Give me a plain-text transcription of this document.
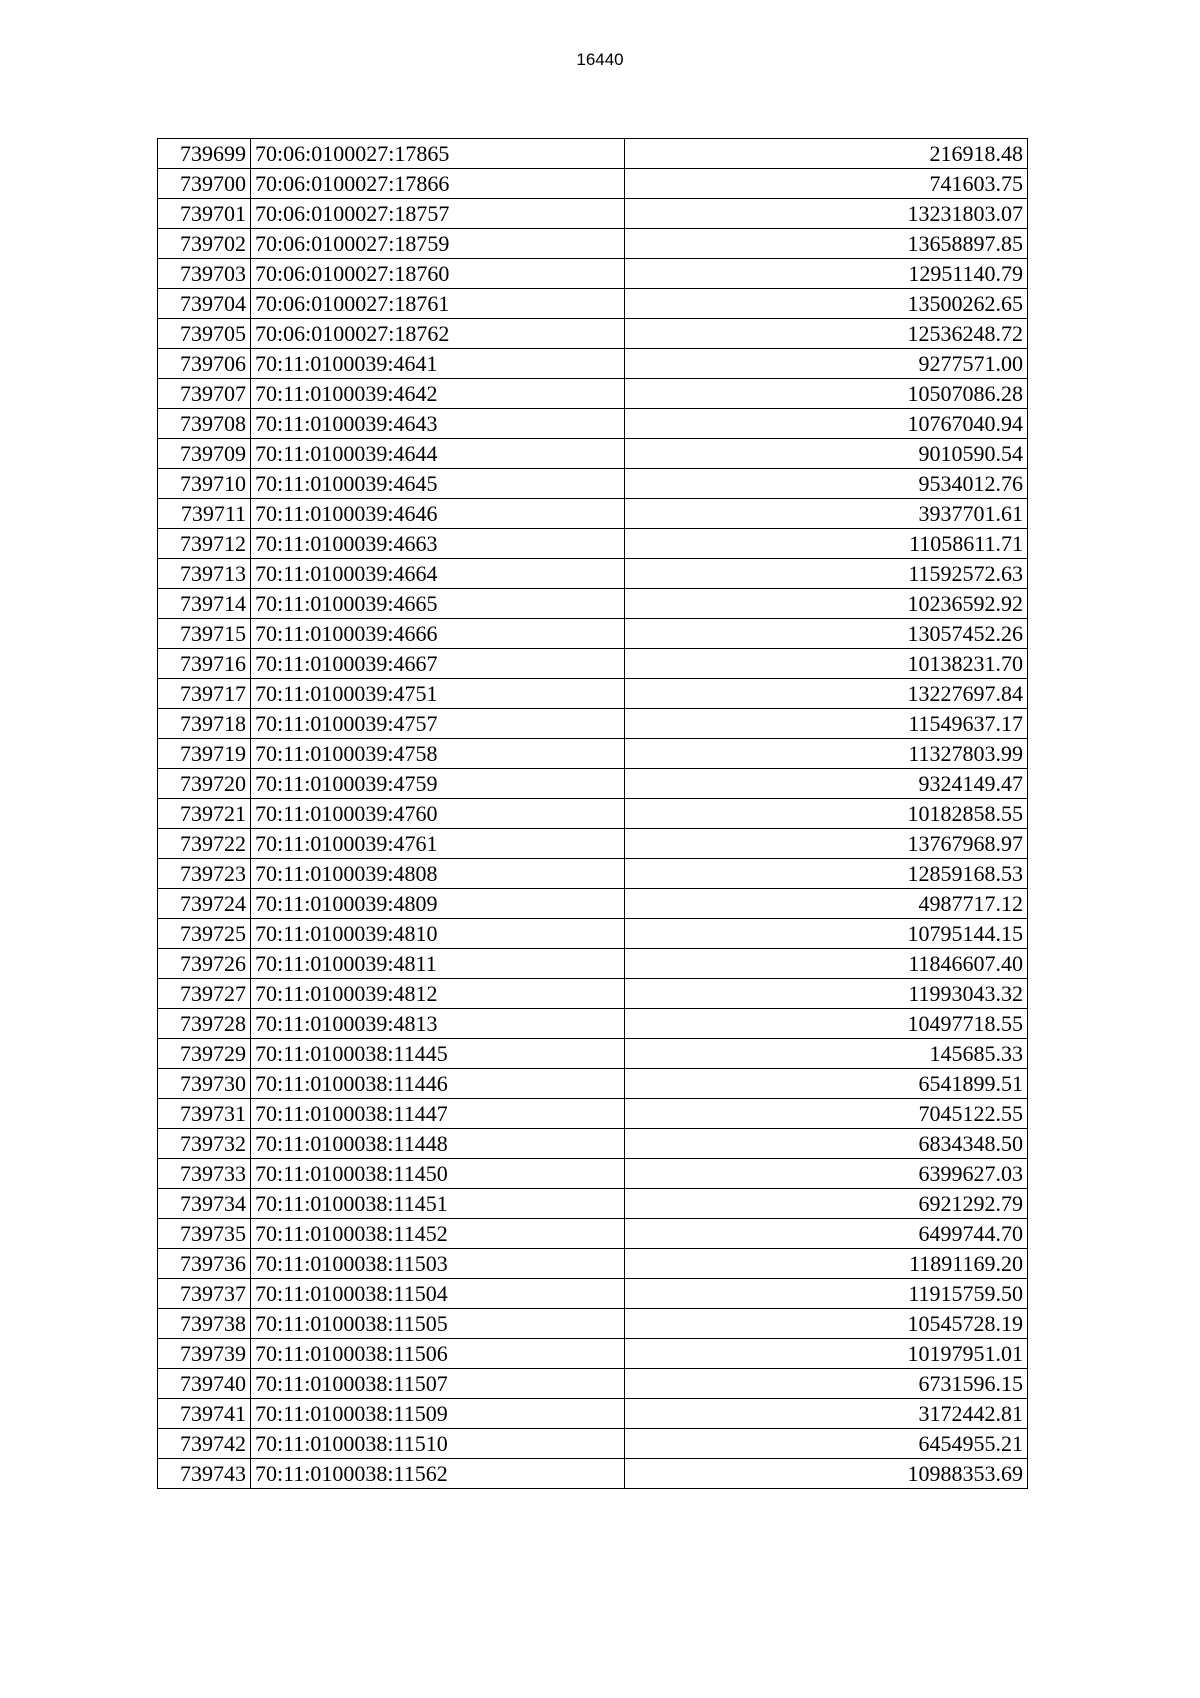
16440
739699	70:06:0100027:17865	216918.48
739700	70:06:0100027:17866	741603.75
739701	70:06:0100027:18757	13231803.07
739702	70:06:0100027:18759	13658897.85
739703	70:06:0100027:18760	12951140.79
739704	70:06:0100027:18761	13500262.65
739705	70:06:0100027:18762	12536248.72
739706	70:11:0100039:4641	9277571.00
739707	70:11:0100039:4642	10507086.28
739708	70:11:0100039:4643	10767040.94
739709	70:11:0100039:4644	9010590.54
739710	70:11:0100039:4645	9534012.76
739711	70:11:0100039:4646	3937701.61
739712	70:11:0100039:4663	11058611.71
739713	70:11:0100039:4664	11592572.63
739714	70:11:0100039:4665	10236592.92
739715	70:11:0100039:4666	13057452.26
739716	70:11:0100039:4667	10138231.70
739717	70:11:0100039:4751	13227697.84
739718	70:11:0100039:4757	11549637.17
739719	70:11:0100039:4758	11327803.99
739720	70:11:0100039:4759	9324149.47
739721	70:11:0100039:4760	10182858.55
739722	70:11:0100039:4761	13767968.97
739723	70:11:0100039:4808	12859168.53
739724	70:11:0100039:4809	4987717.12
739725	70:11:0100039:4810	10795144.15
739726	70:11:0100039:4811	11846607.40
739727	70:11:0100039:4812	11993043.32
739728	70:11:0100039:4813	10497718.55
739729	70:11:0100038:11445	145685.33
739730	70:11:0100038:11446	6541899.51
739731	70:11:0100038:11447	7045122.55
739732	70:11:0100038:11448	6834348.50
739733	70:11:0100038:11450	6399627.03
739734	70:11:0100038:11451	6921292.79
739735	70:11:0100038:11452	6499744.70
739736	70:11:0100038:11503	11891169.20
739737	70:11:0100038:11504	11915759.50
739738	70:11:0100038:11505	10545728.19
739739	70:11:0100038:11506	10197951.01
739740	70:11:0100038:11507	6731596.15
739741	70:11:0100038:11509	3172442.81
739742	70:11:0100038:11510	6454955.21
739743	70:11:0100038:11562	10988353.69
